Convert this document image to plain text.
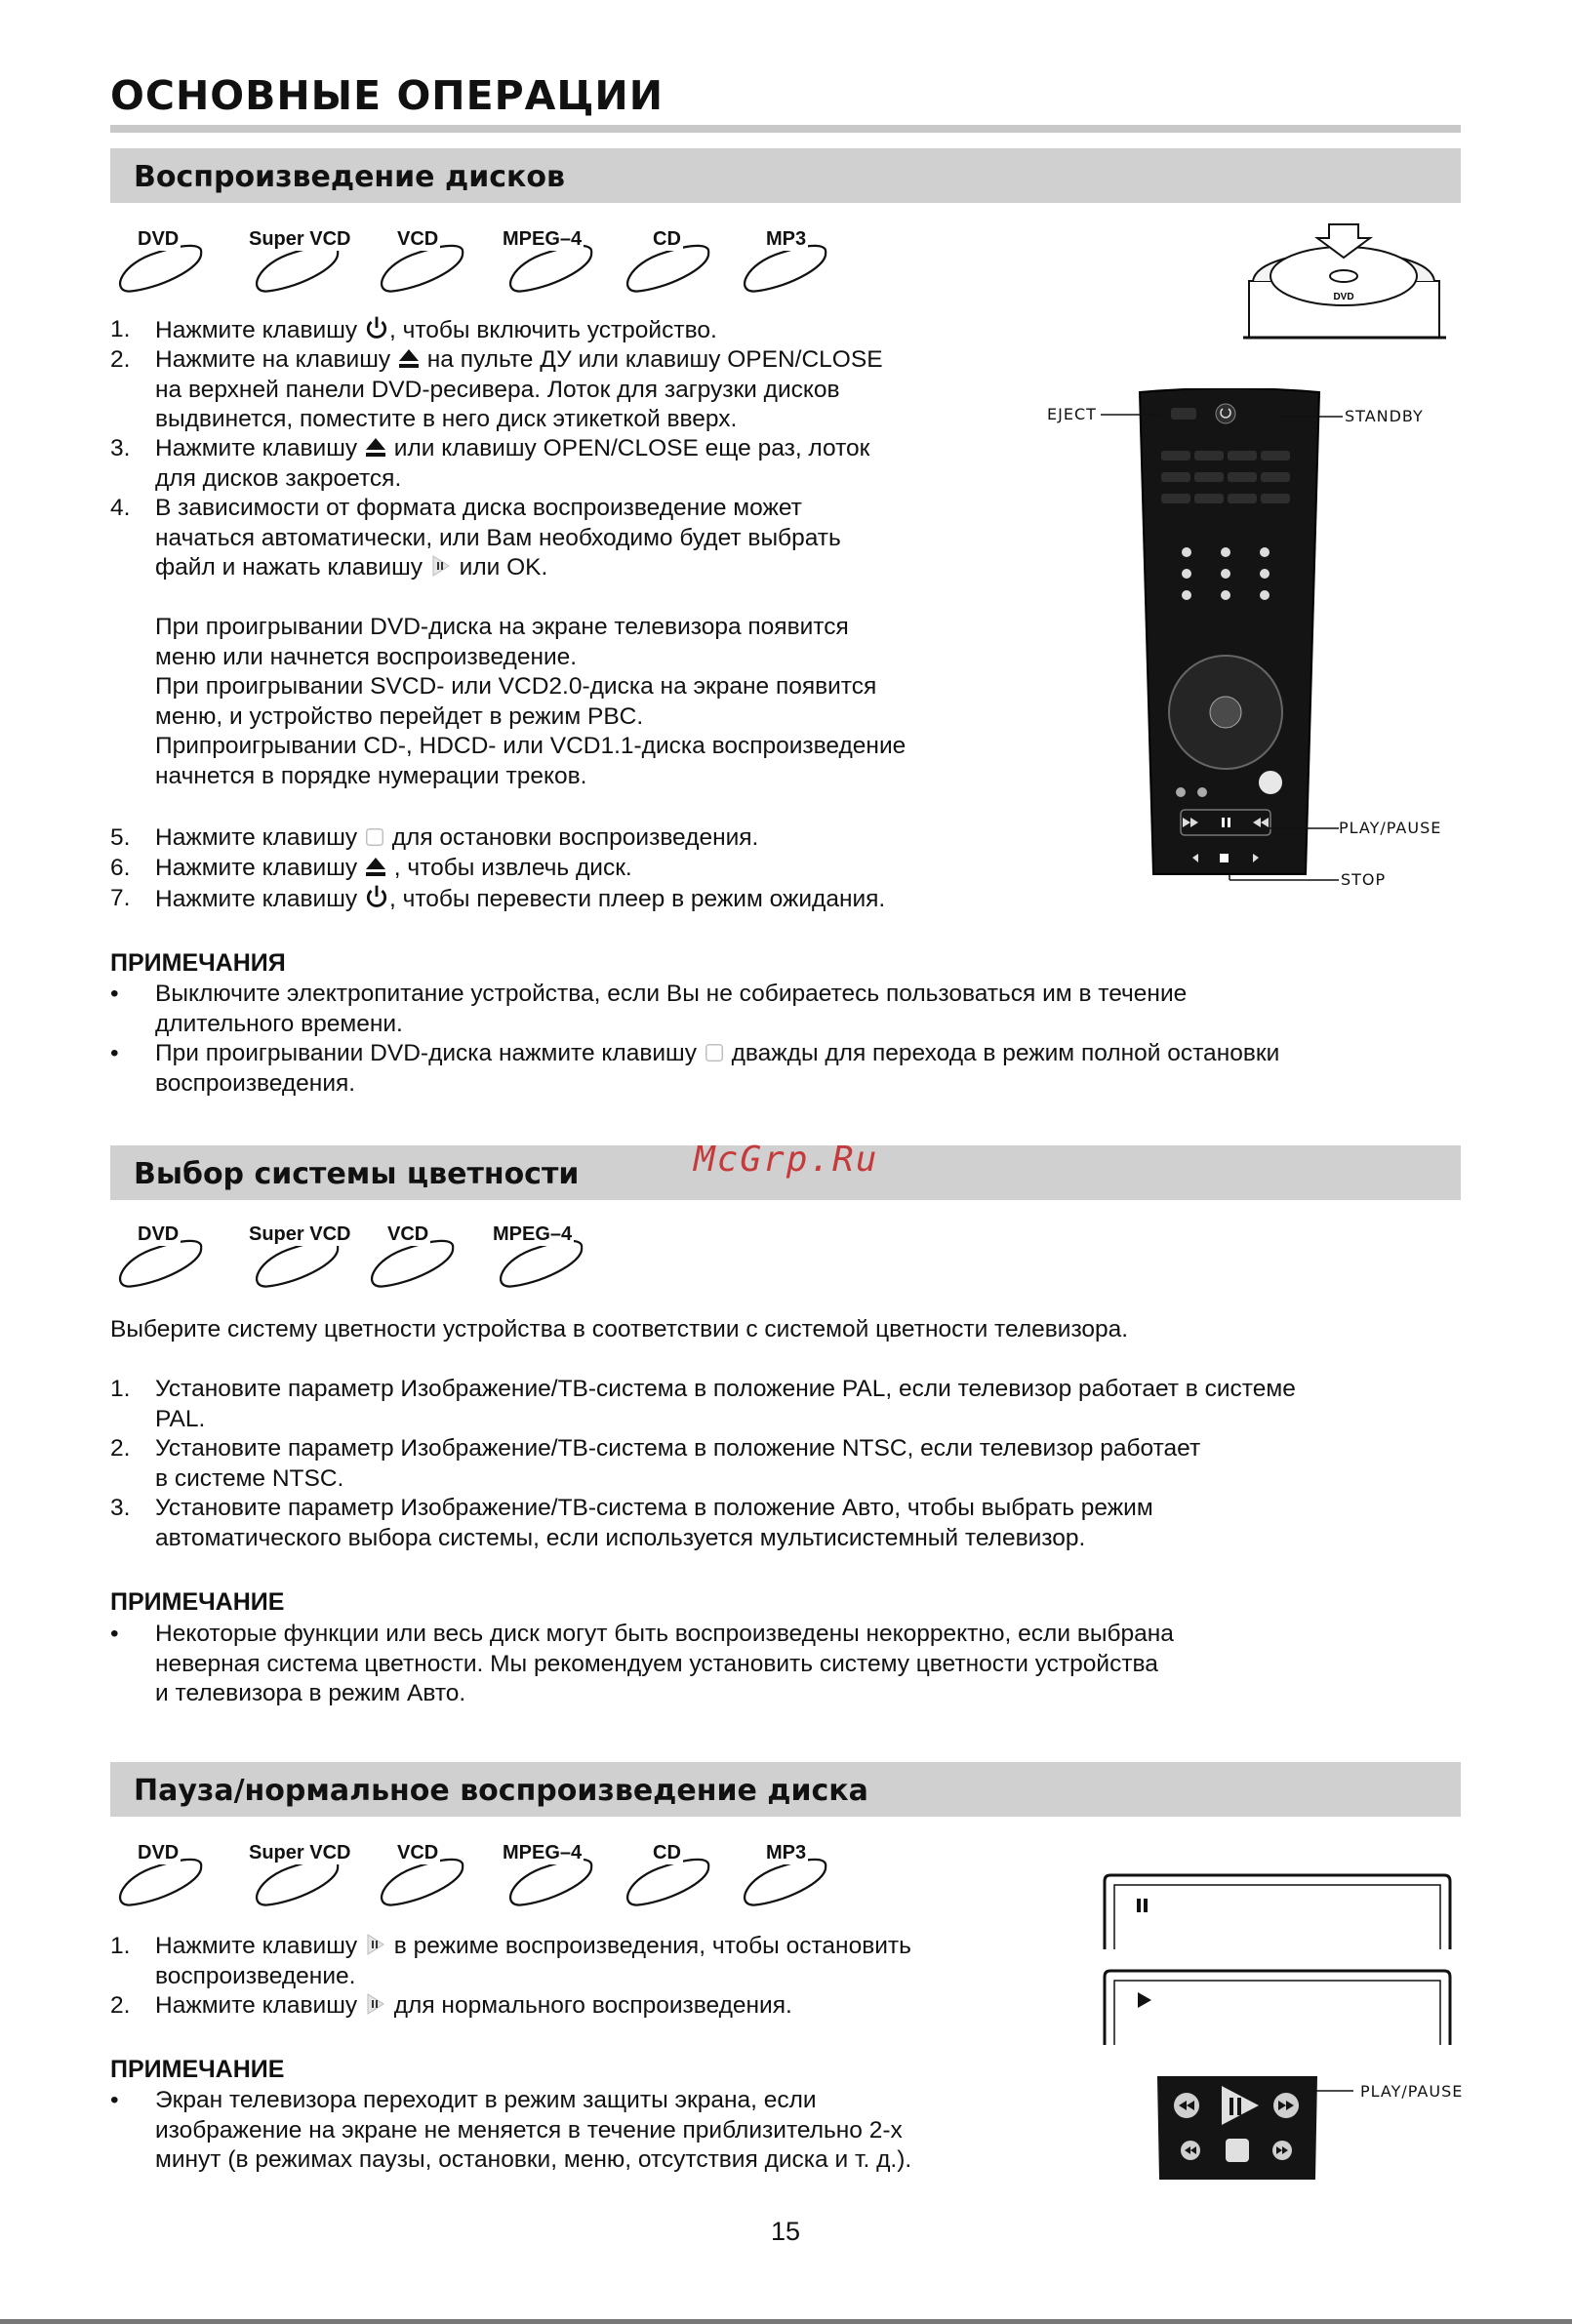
ОСНОВНЫЕ ОПЕРАЦИИ
Воспроизведение дисков
DVD	Super VCD VCD	MPEG–4	CD	MP3
DVD
1. Нажмите клавишу , чтобы включить устройство.
2. Нажмите на клавишу на пульте ДУ или клавишу OPEN/CLOSE
на верхней панели DVD-ресивера. Лоток для загрузки дисков
выдвинется, поместите в него диск этикеткой вверх.
3. Нажмите клавишу или клавишу OPEN/CLOSE еще раз, лоток
для дисков закроется.
4. В зависимости от формата диска воспроизведение может
начаться автоматически, или Вам необходимо будет выбрать
файл и нажать клавишу или OK.
При проигрывании DVD-диска на экране телевизора появится
меню или начнется воспроизведение.
При проигрывании SVCD- или VCD2.0-диска на экране появится
меню, и устройство перейдет в режим PBC.
Припроигрывании CD-, HDCD- или VCD1.1-диска воспроизведение
начнется в порядке нумерации треков.
5. Нажмите клавишу для остановки воспроизведения.
6. Нажмите клавишу , чтобы извлечь диск.
7. Нажмите клавишу , чтобы перевести плеер в режим ожидания.
ПРИМЕЧАНИЯ
• Выключите электропитание устройства, если Вы не собираетесь пользоваться им в течение
длительного времени.
• При проигрывании DVD-диска нажмите клавишу дважды для перехода в режим полной остановки
воспроизведения.
EJECT	STANDBY
PLAY/PAUSE
STOP
Выбор системы цветности	McGrp.Ru
DVD	Super VCD VCD	MPEG–4
Выберите систему цветности устройства в соответствии с системой цветности телевизора.
1. Установите параметр Изображение/ТВ-система в положение PAL, если телевизор работает в системе
PAL.
2. Установите параметр Изображение/ТВ-система в положение NTSC, если телевизор работает
в системе NTSC.
3. Установите параметр Изображение/ТВ-система в положение Авто, чтобы выбрать режим
автоматического выбора системы, если используется мультисистемный телевизор.
ПРИМЕЧАНИЕ
• Некоторые функции или весь диск могут быть воспроизведены некорректно, если выбрана
неверная система цветности. Мы рекомендуем установить систему цветности устройства
и телевизора в режим Авто.
Пауза/нормальное воспроизведение диска
DVD	Super VCD VCD	MPEG–4	CD	MP3
1. Нажмите клавишу в режиме воспроизведения, чтобы остановить
воспроизведение.
2. Нажмите клавишу для нормального воспроизведения.
ПРИМЕЧАНИЕ
• Экран телевизора переходит в режим защиты экрана, если
изображение на экране не меняется в течение приблизительно 2-х
минут (в режимах паузы, остановки, меню, отсутствия диска и т. д.).
PLAY/PAUSE
15
